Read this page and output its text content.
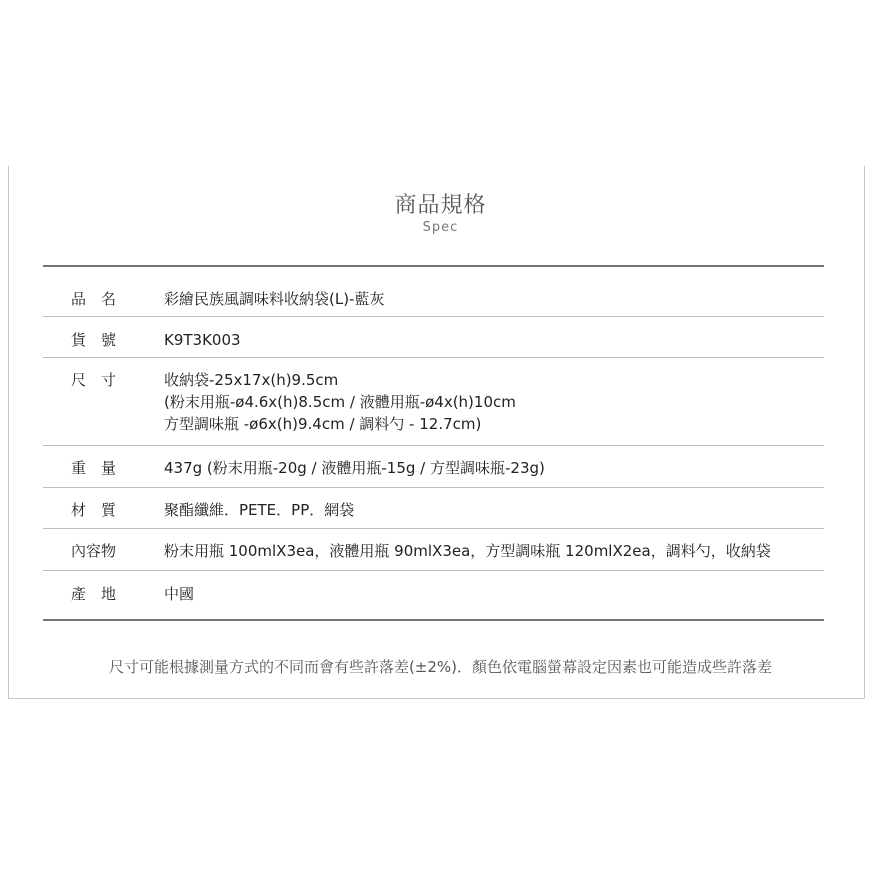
商品規格
Spec
品　名	彩繪民族風調味料收納袋(L)-藍灰
貨　號	K9T3K003
尺　寸	收納袋-25x17x(h)9.5cm
(粉末用瓶-ø4.6x(h)8.5cm / 液體用瓶-ø4x(h)10cm
方型調味瓶 -ø6x(h)9.4cm / 調料勺 - 12.7cm)
重　量	437g (粉末用瓶-20g / 液體用瓶-15g / 方型調味瓶-23g)
材　質	聚酯纖維．PETE．PP．網袋
內容物	粉末用瓶 100mlX3ea，液體用瓶 90mlX3ea，方型調味瓶 120mlX2ea，調料勺，收納袋
產　地	中國
尺寸可能根據測量方式的不同而會有些許落差(±2%)．顏色依電腦螢幕設定因素也可能造成些許落差
